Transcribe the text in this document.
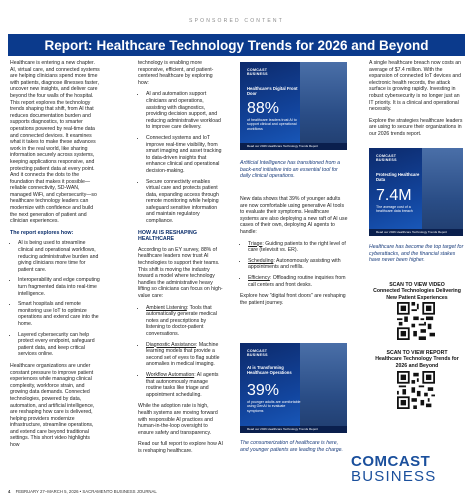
SPONSORED CONTENT
Report: Healthcare Technology Trends for 2026 and Beyond

Healthcare is entering a new chapter. AI, virtual care, and connected systems are helping clinicians spend more time with patients, diagnose illnesses faster, uncover new insights, and deliver care beyond the four walls of the hospital. This report explores the technology trends shaping that shift, from AI that reduces documentation burden and supports diagnostics, to smarter operations powered by real-time data and connected devices. It examines what it takes to make these advances work in the real world, like sharing information securely across systems, keeping applications responsive, and protecting patient data at every point. And it connects the dots to the foundation that makes it possible—reliable connectivity, SD-WAN, managed WiFi, and cybersecurity—so healthcare technology leaders can modernize with confidence and build the next generation of patient and clinician experiences.

The report explores how:
• AI is being used to streamline clinical and operational workflows, reducing administrative burden and giving clinicians more time for patient care.
• Interoperability and edge computing turn fragmented data into real-time intelligence.
• Smart hospitals and remote monitoring use IoT to optimize operations and extend care into the home.
• Layered cybersecurity can help protect every endpoint, safeguard patient data, and keep critical services online.

Healthcare organizations are under constant pressure to improve patient experiences while managing clinical complexity, workforce strain, and growing data demands. Connected technologies, powered by data, automation, and artificial intelligence, are reshaping how care is delivered, helping providers modernize infrastructure, streamline operations, and extend care beyond traditional settings. This short video highlights how

technology is enabling more responsive, efficient, and patient-centered healthcare by exploring how:

• AI and automation support clinicians and operations, assisting with diagnostics, providing decision support, and reducing administrative workload to improve care delivery.
• Connected systems and IoT improve real-time visibility, from smart imaging and asset tracking to data-driven insights that enhance clinical and operational decision-making.
• Secure connectivity enables virtual care and protects patient data, expanding access through remote monitoring while helping safeguard sensitive information and maintain regulatory compliance.
HOW AI IS RESHAPING HEALTHCARE

According to an EY survey, 88% of healthcare leaders now trust AI technologies to support their teams. This shift is moving the industry toward a model where technology handles the administrative heavy lifting so clinicians can focus on high-value care:

• Ambient Listening: Tools that automatically generate medical notes and prescriptions by listening to doctor-patient conversations.
• Diagnostic Assistance: Machine learning models that provide a second set of eyes to flag subtle anomalies in medical imaging.
• Workflow Automation: AI agents that autonomously manage routine tasks like triage and appointment scheduling.

While the adoption rate is high, health systems are moving forward with responsible AI practices and human-in-the-loop oversight to ensure safety and transparency.

Read our full report to explore how AI is reshaping healthcare.

COMCAST
BUSINESS
Healthcare's Digital Front Door
88%
of healthcare leaders trust AI to support clinical and operational workflows
Read our 2026 Healthcare Technology Trends Report
Artificial Intelligence has transitioned from a back-end initiative into an essential tool for daily clinical operations.

New data shows that 39% of younger adults are now comfortable using generative AI tools to evaluate their symptoms. Healthcare systems are also deploying a new raft of AI use cases of their own, deploying AI agents to handle:

• Triage: Guiding patients to the right level of care (televisit vs. ER).
• Scheduling: Autonomously assisting with appointments and refills.
• Efficiency: Offloading routine inquiries from call centers and front desks.

Explore how "digital front doors" are reshaping the patient journey.

COMCAST
BUSINESS
AI is Transforming Healthcare Operations
39%
of younger adults are comfortable using GenAI to evaluate symptoms
Read our 2026 Healthcare Technology Trends Report
The consumerization of healthcare is here, and younger patients are leading the charge.

A single healthcare breach now costs an average of $7.4 million. With the expansion of connected IoT devices and electronic health records, the attack surface is growing rapidly. Investing in robust cybersecurity is no longer just an IT priority. It is a clinical and operational necessity.

Explore the strategies healthcare leaders are using to secure their organizations in our 2026 trends report.

COMCAST
BUSINESS
Protecting Healthcare Data
7.4M
The average cost of a healthcare data breach
Read our 2026 Healthcare Technology Trends Report
Healthcare has become the top target for cyberattacks, and the financial stakes have never been higher.
SCAN TO VIEW VIDEO
Connected Technologies Delivering
New Patient Experiences
SCAN TO VIEW REPORT
Healthcare Technology Trends for
2026 and Beyond
COMCAST
BUSINESS
4 FEBRUARY 27–MARCH 5, 2026 • SACRAMENTO BUSINESS JOURNAL
